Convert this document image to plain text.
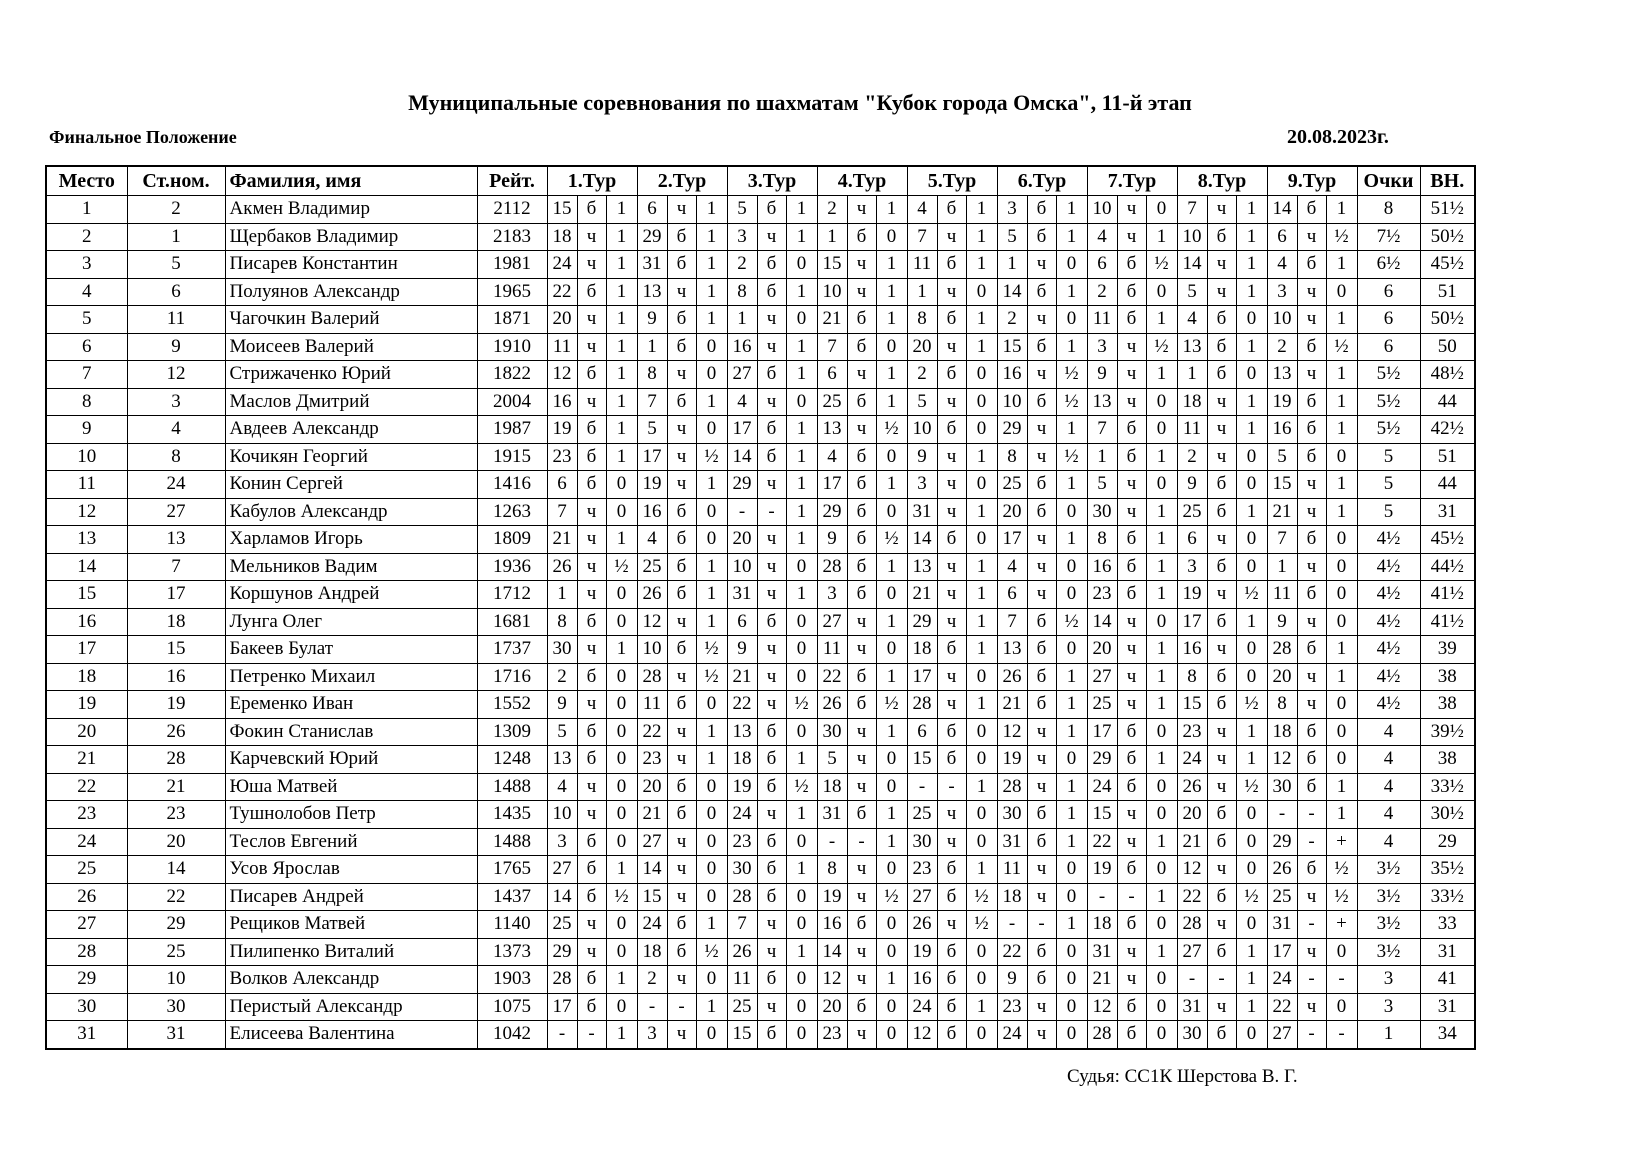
Муниципальные соревнования по шахматам "Кубок города Омска", 11-й этап
Финальное Положение	20.08.2023г.
Место	Ст.ном.	Фамилия, имя	Рейт.	1.Тур			2.Тур			3.Тур			4.Тур			5.Тур			6.Тур			7.Тур			8.Тур			9.Тур			Очки	ВН.
1	2	Акмен Владимир	2112	15	б	1	6	ч	1	5	б	1	2	ч	1	4	б	1	3	б	1	10	ч	0	7	ч	1	14	б	1	8	51½
2	1	Щербаков Владимир	2183	18	ч	1	29	б	1	3	ч	1	1	б	0	7	ч	1	5	б	1	4	ч	1	10	б	1	6	ч	½	7½	50½
3	5	Писарев Константин	1981	24	ч	1	31	б	1	2	б	0	15	ч	1	11	б	1	1	ч	0	6	б	½	14	ч	1	4	б	1	6½	45½
4	6	Полуянов Александр	1965	22	б	1	13	ч	1	8	б	1	10	ч	1	1	ч	0	14	б	1	2	б	0	5	ч	1	3	ч	0	6	51
5	11	Чагочкин Валерий	1871	20	ч	1	9	б	1	1	ч	0	21	б	1	8	б	1	2	ч	0	11	б	1	4	б	0	10	ч	1	6	50½
6	9	Моисеев Валерий	1910	11	ч	1	1	б	0	16	ч	1	7	б	0	20	ч	1	15	б	1	3	ч	½	13	б	1	2	б	½	6	50
7	12	Стрижаченко Юрий	1822	12	б	1	8	ч	0	27	б	1	6	ч	1	2	б	0	16	ч	½	9	ч	1	1	б	0	13	ч	1	5½	48½
8	3	Маслов Дмитрий	2004	16	ч	1	7	б	1	4	ч	0	25	б	1	5	ч	0	10	б	½	13	ч	0	18	ч	1	19	б	1	5½	44
9	4	Авдеев Александр	1987	19	б	1	5	ч	0	17	б	1	13	ч	½	10	б	0	29	ч	1	7	б	0	11	ч	1	16	б	1	5½	42½
10	8	Кочикян Георгий	1915	23	б	1	17	ч	½	14	б	1	4	б	0	9	ч	1	8	ч	½	1	б	1	2	ч	0	5	б	0	5	51
11	24	Конин Сергей	1416	6	б	0	19	ч	1	29	ч	1	17	б	1	3	ч	0	25	б	1	5	ч	0	9	б	0	15	ч	1	5	44
12	27	Кабулов Александр	1263	7	ч	0	16	б	0	-	-	1	29	б	0	31	ч	1	20	б	0	30	ч	1	25	б	1	21	ч	1	5	31
13	13	Харламов Игорь	1809	21	ч	1	4	б	0	20	ч	1	9	б	½	14	б	0	17	ч	1	8	б	1	6	ч	0	7	б	0	4½	45½
14	7	Мельников Вадим	1936	26	ч	½	25	б	1	10	ч	0	28	б	1	13	ч	1	4	ч	0	16	б	1	3	б	0	1	ч	0	4½	44½
15	17	Коршунов Андрей	1712	1	ч	0	26	б	1	31	ч	1	3	б	0	21	ч	1	6	ч	0	23	б	1	19	ч	½	11	б	0	4½	41½
16	18	Лунга Олег	1681	8	б	0	12	ч	1	6	б	0	27	ч	1	29	ч	1	7	б	½	14	ч	0	17	б	1	9	ч	0	4½	41½
17	15	Бакеев Булат	1737	30	ч	1	10	б	½	9	ч	0	11	ч	0	18	б	1	13	б	0	20	ч	1	16	ч	0	28	б	1	4½	39
18	16	Петренко Михаил	1716	2	б	0	28	ч	½	21	ч	0	22	б	1	17	ч	0	26	б	1	27	ч	1	8	б	0	20	ч	1	4½	38
19	19	Еременко Иван	1552	9	ч	0	11	б	0	22	ч	½	26	б	½	28	ч	1	21	б	1	25	ч	1	15	б	½	8	ч	0	4½	38
20	26	Фокин Станислав	1309	5	б	0	22	ч	1	13	б	0	30	ч	1	6	б	0	12	ч	1	17	б	0	23	ч	1	18	б	0	4	39½
21	28	Карчевский Юрий	1248	13	б	0	23	ч	1	18	б	1	5	ч	0	15	б	0	19	ч	0	29	б	1	24	ч	1	12	б	0	4	38
22	21	Юша Матвей	1488	4	ч	0	20	б	0	19	б	½	18	ч	0	-	-	1	28	ч	1	24	б	0	26	ч	½	30	б	1	4	33½
23	23	Тушнолобов Петр	1435	10	ч	0	21	б	0	24	ч	1	31	б	1	25	ч	0	30	б	1	15	ч	0	20	б	0	-	-	1	4	30½
24	20	Теслов Евгений	1488	3	б	0	27	ч	0	23	б	0	-	-	1	30	ч	0	31	б	1	22	ч	1	21	б	0	29	-	+	4	29
25	14	Усов Ярослав	1765	27	б	1	14	ч	0	30	б	1	8	ч	0	23	б	1	11	ч	0	19	б	0	12	ч	0	26	б	½	3½	35½
26	22	Писарев Андрей	1437	14	б	½	15	ч	0	28	б	0	19	ч	½	27	б	½	18	ч	0	-	-	1	22	б	½	25	ч	½	3½	33½
27	29	Рещиков Матвей	1140	25	ч	0	24	б	1	7	ч	0	16	б	0	26	ч	½	-	-	1	18	б	0	28	ч	0	31	-	+	3½	33
28	25	Пилипенко Виталий	1373	29	ч	0	18	б	½	26	ч	1	14	ч	0	19	б	0	22	б	0	31	ч	1	27	б	1	17	ч	0	3½	31
29	10	Волков Александр	1903	28	б	1	2	ч	0	11	б	0	12	ч	1	16	б	0	9	б	0	21	ч	0	-	-	1	24	-	-	3	41
30	30	Перистый Александр	1075	17	б	0	-	-	1	25	ч	0	20	б	0	24	б	1	23	ч	0	12	б	0	31	ч	1	22	ч	0	3	31
31	31	Елисеева Валентина	1042	-	-	1	3	ч	0	15	б	0	23	ч	0	12	б	0	24	ч	0	28	б	0	30	б	0	27	-	-	1	34
Судья: СС1К Шерстова В. Г.
